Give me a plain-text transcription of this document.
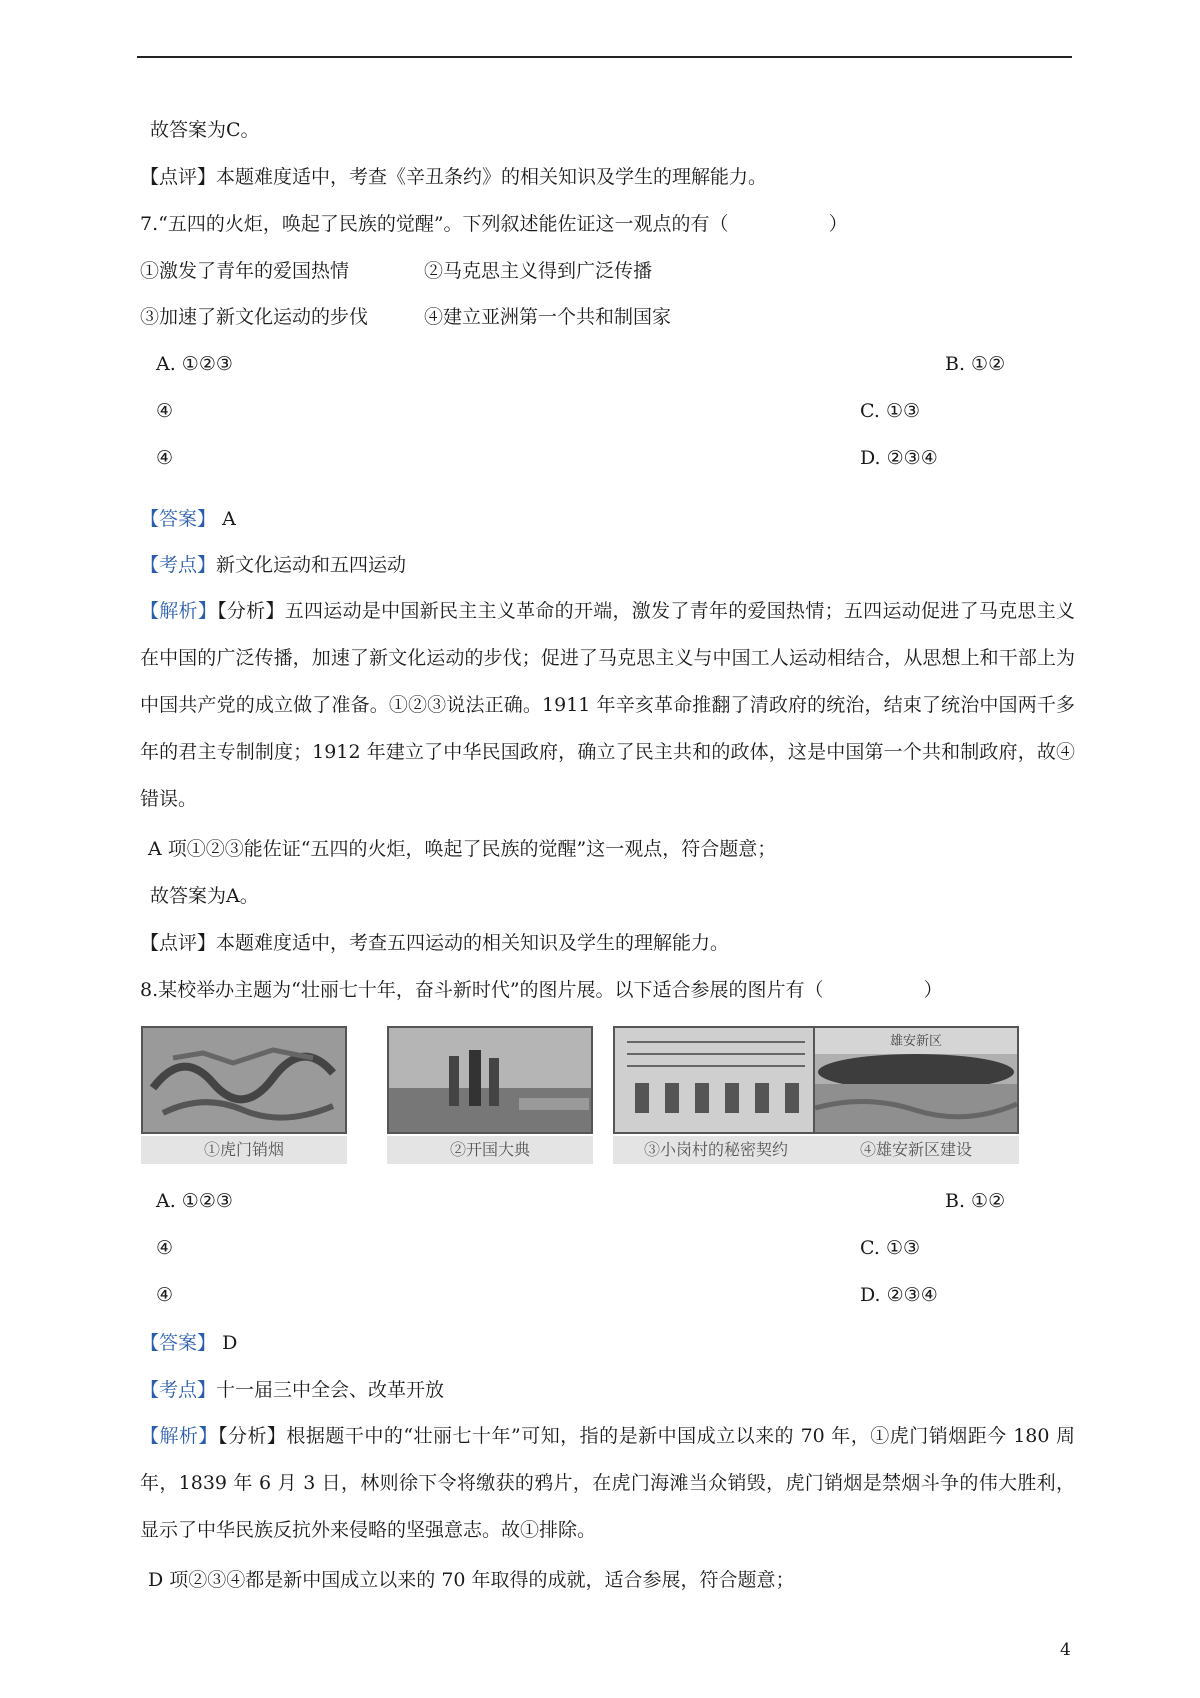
故答案为C。
【点评】本题难度适中，考查《辛丑条约》的相关知识及学生的理解能力。
7.“五四的火炬，唤起了民族的觉醒”。下列叙述能佐证这一观点的有（	）
①激发了青年的爱国热情	②马克思主义得到广泛传播
③加速了新文化运动的步伐	④建立亚洲第一个共和制国家
A. ①②③	B. ①②
④	C. ①③
④	D. ②③④
【答案】 A
【考点】新文化运动和五四运动
【解析】【分析】五四运动是中国新民主主义革命的开端，激发了青年的爱国热情；五四运动促进了马克思主义在中国的广泛传播，加速了新文化运动的步伐；促进了马克思主义与中国工人运动相结合，从思想上和干部上为中国共产党的成立做了准备。①②③说法正确。1911 年辛亥革命推翻了清政府的统治，结束了统治中国两千多年的君主专制制度；1912 年建立了中华民国政府，确立了民主共和的政体，这是中国第一个共和制政府，故④错误。
A 项①②③能佐证“五四的火炬，唤起了民族的觉醒”这一观点，符合题意；
故答案为A。
【点评】本题难度适中，考查五四运动的相关知识及学生的理解能力。
8.某校举办主题为“壮丽七十年，奋斗新时代”的图片展。以下适合参展的图片有（	）
①虎门销烟	②开国大典	③小岗村的秘密契约
雄安新区
④雄安新区建设
A. ①②③	B. ①②
④	C. ①③
④	D. ②③④
【答案】 D
【考点】十一届三中全会、改革开放
【解析】【分析】根据题干中的“壮丽七十年”可知，指的是新中国成立以来的 70 年，①虎门销烟距今 180 周年，1839 年 6 月 3 日，林则徐下令将缴获的鸦片，在虎门海滩当众销毁，虎门销烟是禁烟斗争的伟大胜利，显示了中华民族反抗外来侵略的坚强意志。故①排除。
D 项②③④都是新中国成立以来的 70 年取得的成就，适合参展，符合题意；
4
